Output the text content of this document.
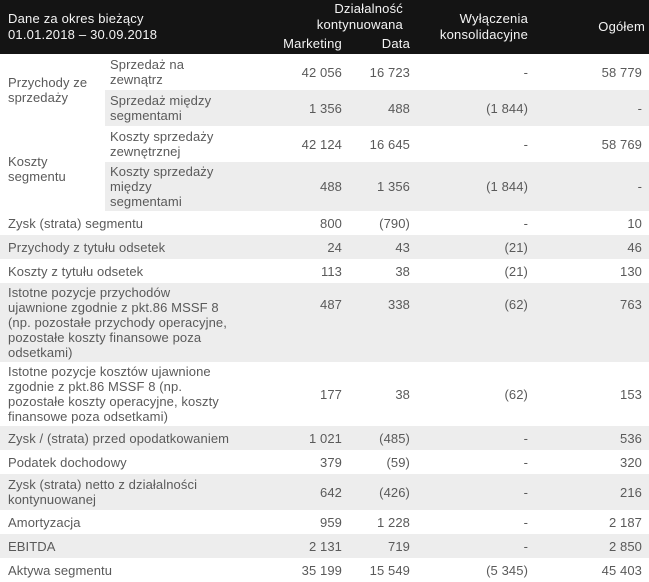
Dane za okres bieżący
01.01.2018 – 30.09.2018		Działalność kontynuowana		Wyłączenia konsolidacyjne	Ogółem
		Marketing	Data		
Przychody ze sprzedaży	Sprzedaż na zewnątrz	42 056	16 723	-	58 779
	Sprzedaż między segmentami	1 356	488	(1 844)	-
Koszty segmentu	Koszty sprzedaży zewnętrznej	42 124	16 645	-	58 769
	Koszty sprzedaży między segmentami	488	1 356	(1 844)	-
Zysk (strata) segmentu		800	(790)	-	10
Przychody z tytułu odsetek		24	43	(21)	46
Koszty z tytułu odsetek		113	38	(21)	130
Istotne pozycje przychodów ujawnione zgodnie z pkt.86 MSSF 8 (np. pozostałe przychody operacyjne, pozostałe koszty finansowe poza odsetkami)		487	338	(62)	763
Istotne pozycje kosztów ujawnione zgodnie z pkt.86 MSSF 8 (np. pozostałe koszty operacyjne, koszty finansowe poza odsetkami)		177	38	(62)	153
Zysk / (strata) przed opodatkowaniem		1 021	(485)	-	536
Podatek dochodowy		379	(59)	-	320
Zysk (strata) netto z działalności kontynuowanej		642	(426)	-	216
Amortyzacja		959	1 228	-	2 187
EBITDA		2 131	719	-	2 850
Aktywa segmentu		35 199	15 549	(5 345)	45 403
